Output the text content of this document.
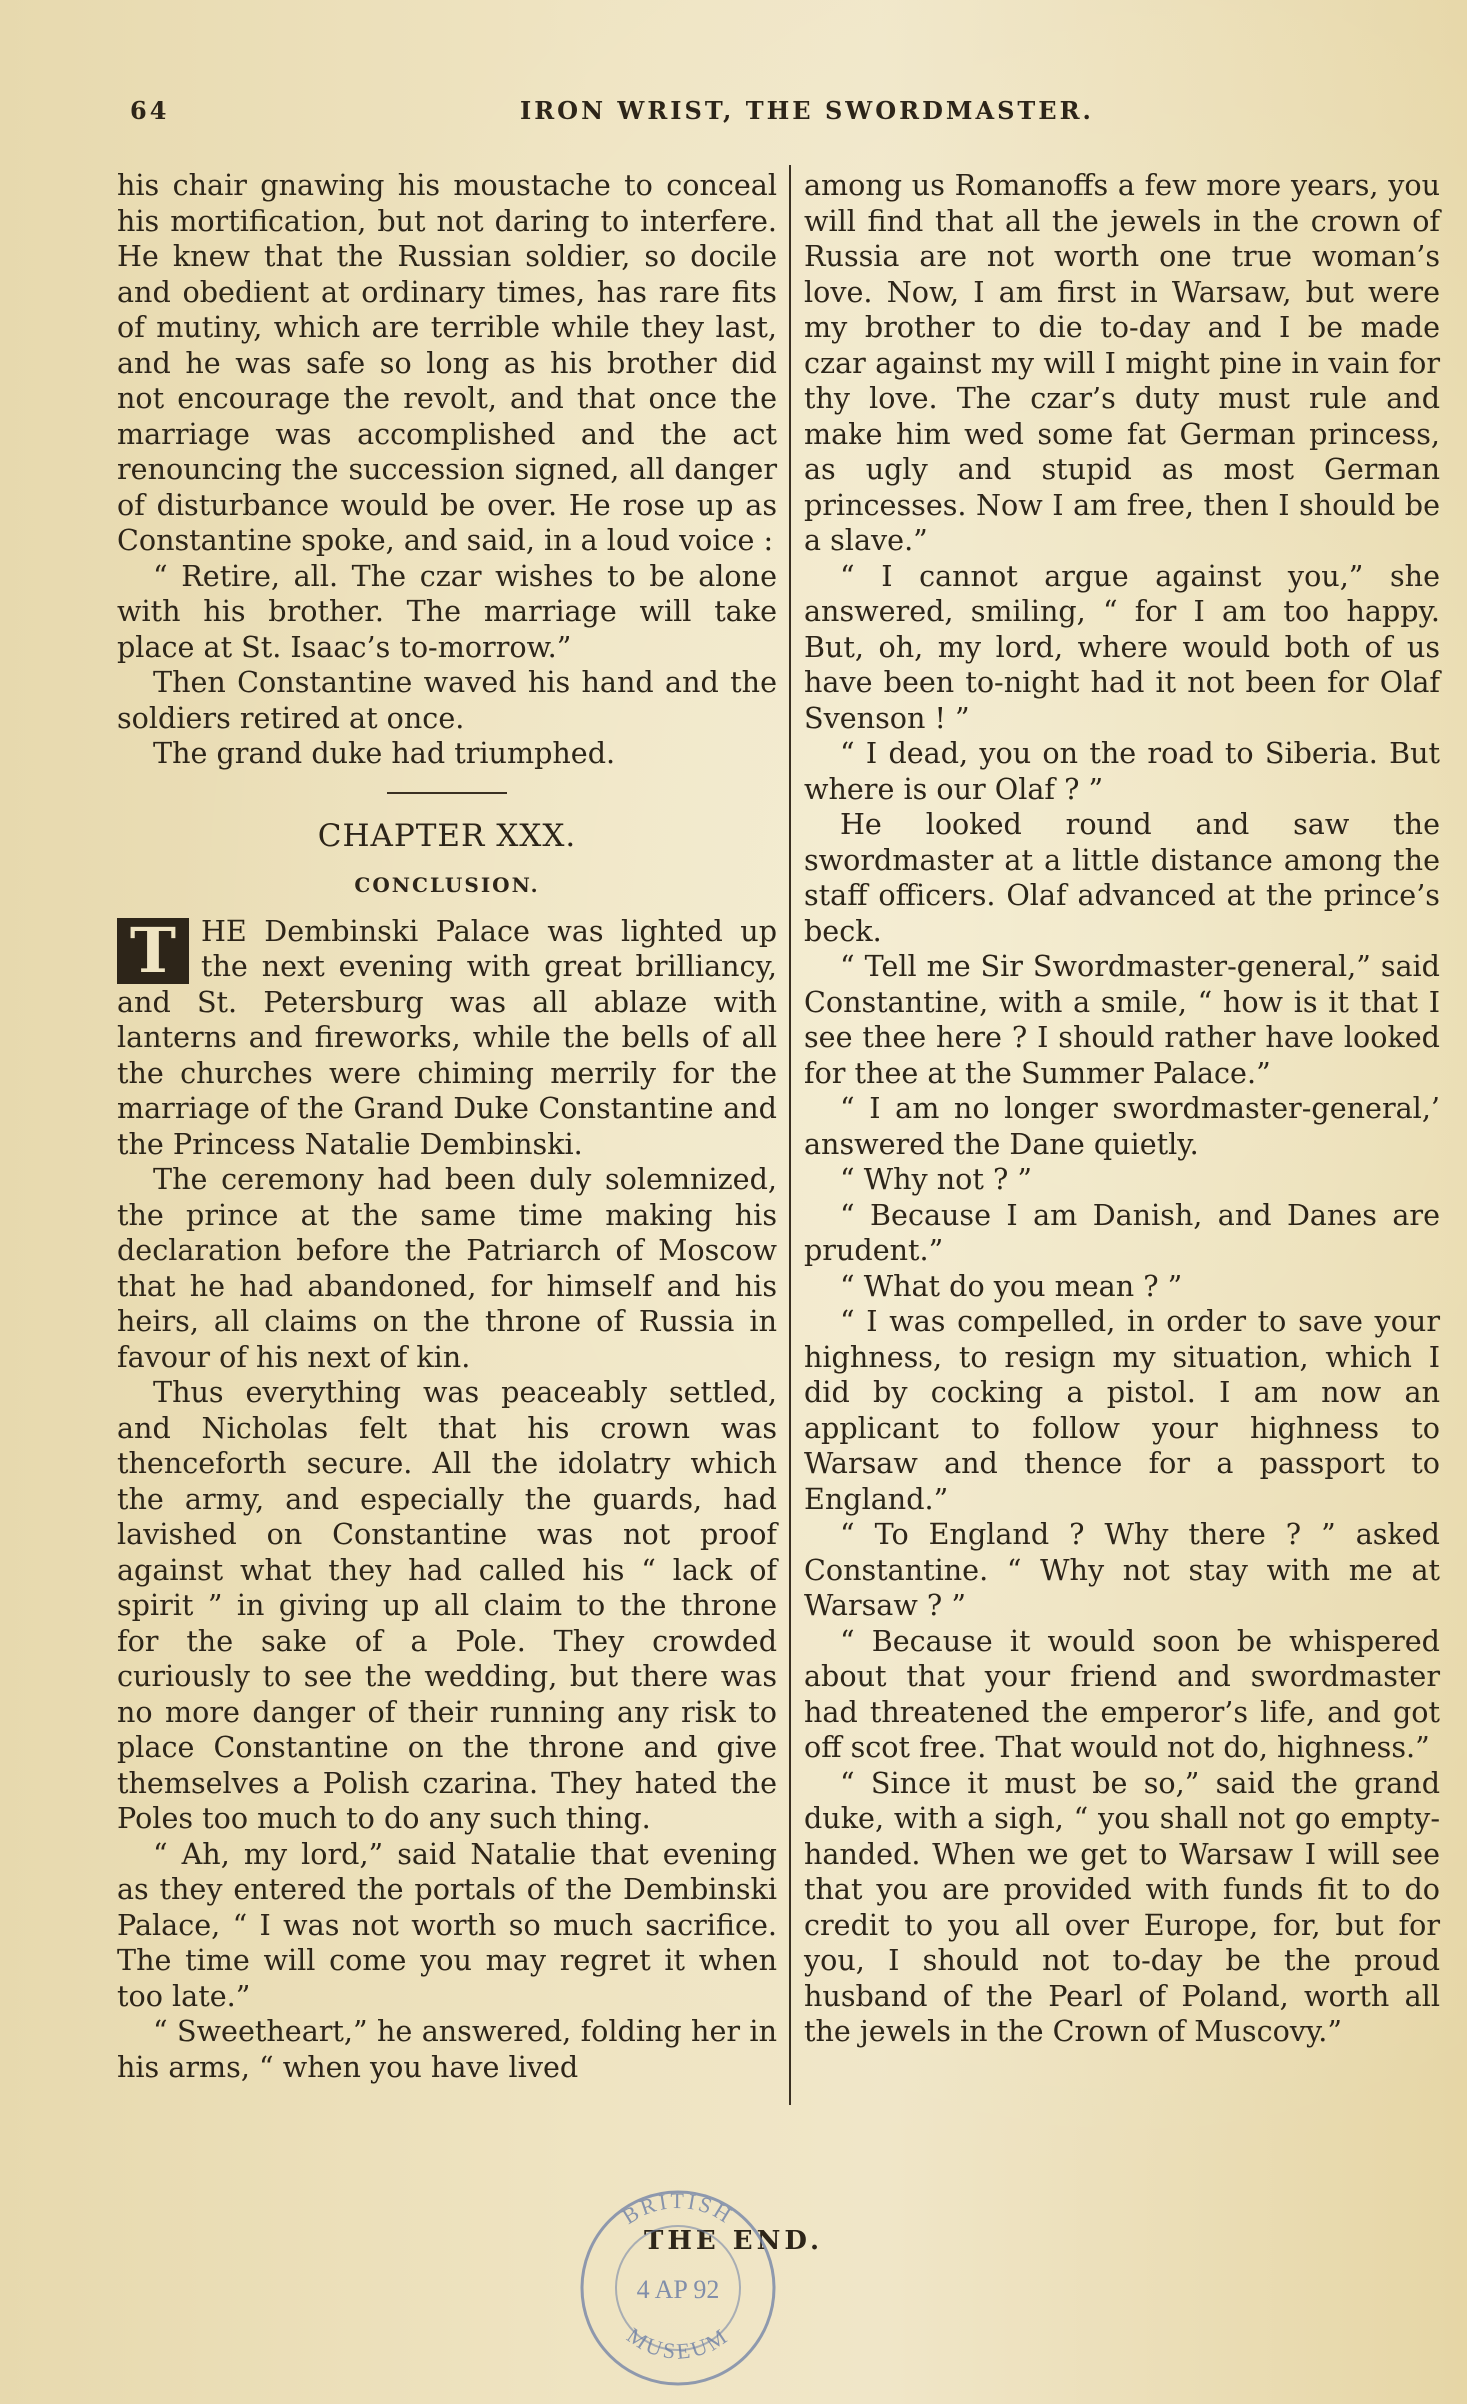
64	IRON WRIST, THE SWORDMASTER.

his chair gnawing his moustache to conceal his mortification, but not daring to interfere. He knew that the Russian soldier, so docile and obedient at ordinary times, has rare fits of mutiny, which are terrible while they last, and he was safe so long as his brother did not encourage the revolt, and that once the marriage was accomplished and the act renouncing the succession signed, all danger of disturbance would be over. He rose up as Constantine spoke, and said, in a loud voice :

“ Retire, all. The czar wishes to be alone with his brother. The marriage will take place at St. Isaac’s to-morrow.”

Then Constantine waved his hand and the soldiers retired at once.

The grand duke had triumphed.

CHAPTER XXX.
CONCLUSION.

T HE Dembinski Palace was lighted up the next evening with great brilliancy, and St. Petersburg was all ablaze with lanterns and fireworks, while the bells of all the churches were chiming merrily for the marriage of the Grand Duke Constantine and the Princess Natalie Dembinski.

The ceremony had been duly solemnized, the prince at the same time making his declaration before the Patriarch of Moscow that he had abandoned, for himself and his heirs, all claims on the throne of Russia in favour of his next of kin.

Thus everything was peaceably settled, and Nicholas felt that his crown was thenceforth secure. All the idolatry which the army, and especially the guards, had lavished on Constantine was not proof against what they had called his “ lack of spirit ” in giving up all claim to the throne for the sake of a Pole. They crowded curiously to see the wedding, but there was no more danger of their running any risk to place Constantine on the throne and give themselves a Polish czarina. They hated the Poles too much to do any such thing.

“ Ah, my lord,” said Natalie that evening as they entered the portals of the Dembinski Palace, “ I was not worth so much sacrifice. The time will come you may regret it when too late.”

“ Sweetheart,” he answered, folding her in his arms, “ when you have lived

among us Romanoffs a few more years, you will find that all the jewels in the crown of Russia are not worth one true woman’s love. Now, I am first in Warsaw, but were my brother to die to-day and I be made czar against my will I might pine in vain for thy love. The czar’s duty must rule and make him wed some fat German princess, as ugly and stupid as most German princesses. Now I am free, then I should be a slave.”

“ I cannot argue against you,” she answered, smiling, “ for I am too happy. But, oh, my lord, where would both of us have been to-night had it not been for Olaf Svenson ! ”

“ I dead, you on the road to Siberia. But where is our Olaf ? ”

He looked round and saw the swordmaster at a little distance among the staff officers. Olaf advanced at the prince’s beck.

“ Tell me Sir Swordmaster-general,” said Constantine, with a smile, “ how is it that I see thee here ? I should rather have looked for thee at the Summer Palace.”

“ I am no longer swordmaster-general,’ answered the Dane quietly.

“ Why not ? ”

“ Because I am Danish, and Danes are prudent.”

“ What do you mean ? ”

“ I was compelled, in order to save your highness, to resign my situation, which I did by cocking a pistol. I am now an applicant to follow your highness to Warsaw and thence for a passport to England.”

“ To England ? Why there ? ” asked Constantine. “ Why not stay with me at Warsaw ? ”

“ Because it would soon be whispered about that your friend and swordmaster had threatened the emperor’s life, and got off scot free. That would not do, highness.”

“ Since it must be so,” said the grand duke, with a sigh, “ you shall not go empty-handed. When we get to Warsaw I will see that you are provided with funds fit to do credit to you all over Europe, for, but for you, I should not to-day be the proud husband of the Pearl of Poland, worth all the jewels in the Crown of Muscovy.”

THE END.
BRITISH
4 AP 92
MUSEUM
